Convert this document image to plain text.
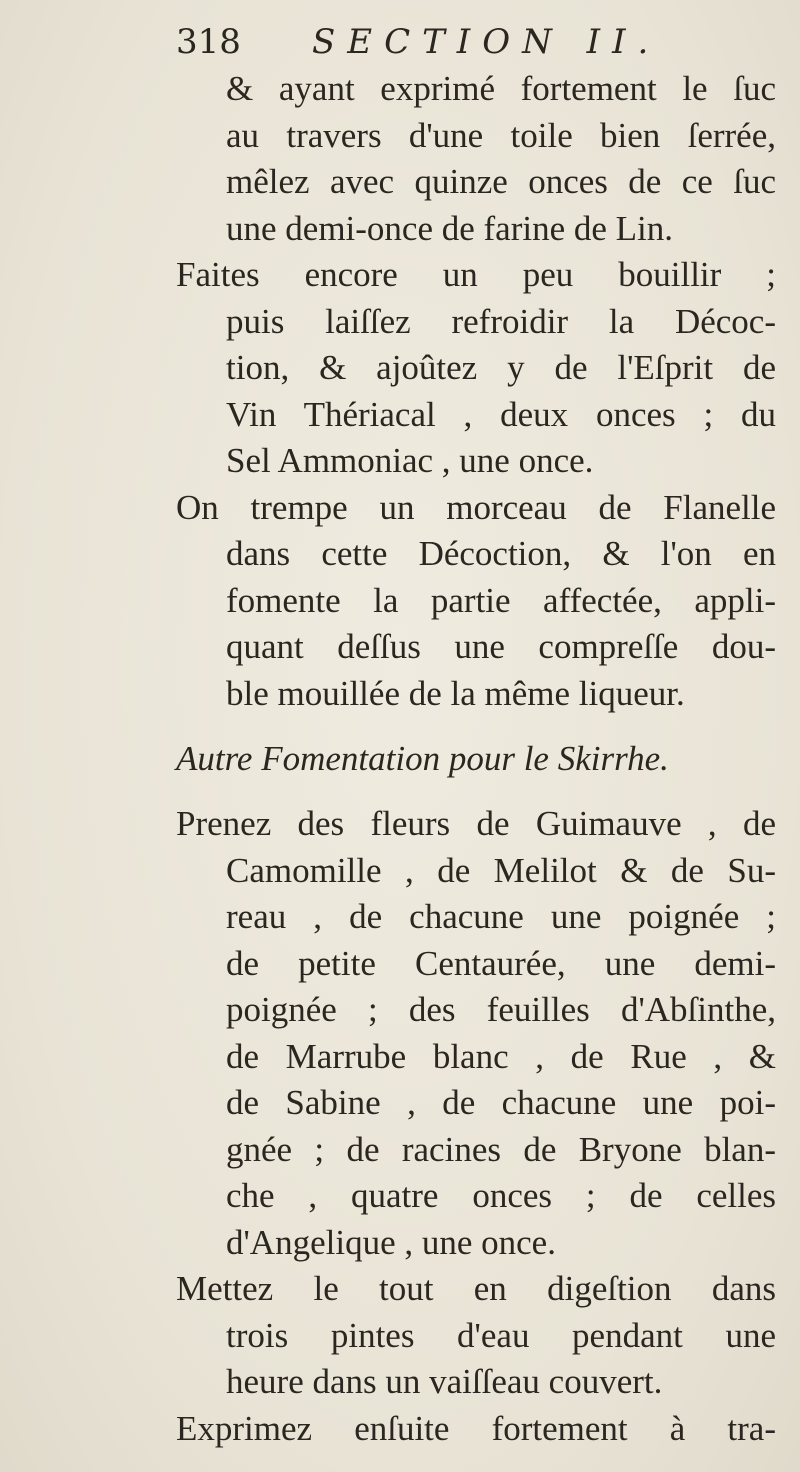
318 SECTION II.
& ayant exprimé fortement le ſuc
au travers d'une toile bien ſerrée,
mêlez avec quinze onces de ce ſuc
une demi-once de farine de Lin.
Faites encore un peu bouillir ;
puis laiſſez refroidir la Décoc-
tion, & ajoûtez y de l'Eſprit de
Vin Thériacal , deux onces ; du
Sel Ammoniac , une once.
On trempe un morceau de Flanelle
dans cette Décoction, & l'on en
fomente la partie affectée, appli-
quant deſſus une compreſſe dou-
ble mouillée de la même liqueur.
Autre Fomentation pour le Skirrhe.
Prenez des fleurs de Guimauve , de
Camomille , de Melilot & de Su-
reau , de chacune une poignée ;
de petite Centaurée, une demi-
poignée ; des feuilles d'Abſinthe,
de Marrube blanc , de Rue , &
de Sabine , de chacune une poi-
gnée ; de racines de Bryone blan-
che , quatre onces ; de celles
d'Angelique , une once.
Mettez le tout en digeſtion dans
trois pintes d'eau pendant une
heure dans un vaiſſeau couvert.
Exprimez enſuite fortement à tra-
